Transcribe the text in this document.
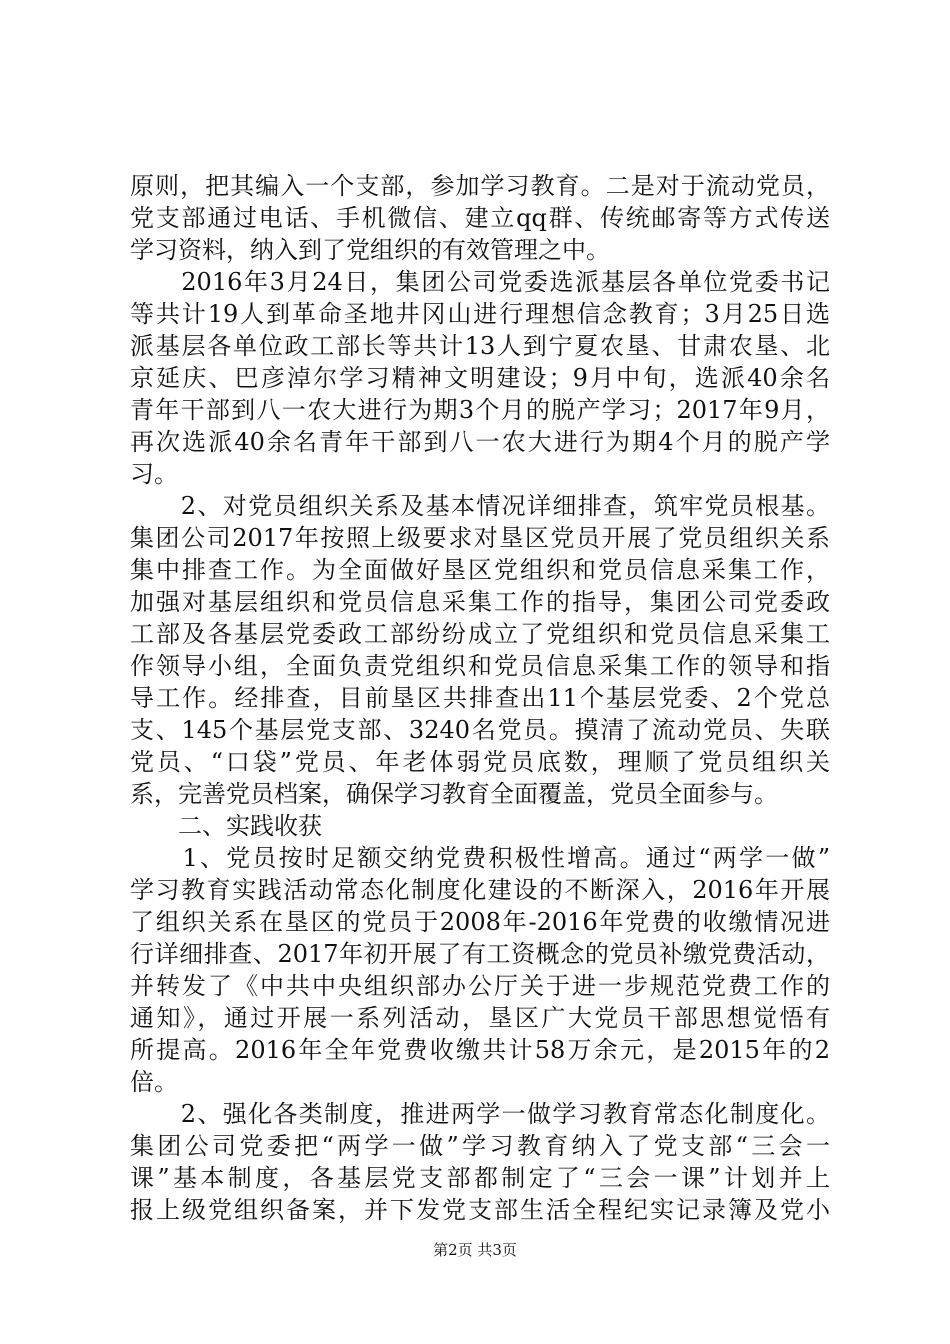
原则，把其编入一个支部，参加学习教育。二是对于流动党员，
党支部通过电话、手机微信、建立qq群、传统邮寄等方式传送
学习资料，纳入到了党组织的有效管理之中。
　　2016年3月24日，集团公司党委选派基层各单位党委书记
等共计19人到革命圣地井冈山进行理想信念教育；3月25日选
派基层各单位政工部长等共计13人到宁夏农垦、甘肃农垦、北
京延庆、巴彦淖尔学习精神文明建设；9月中旬，选派40余名
青年干部到八一农大进行为期3个月的脱产学习；2017年9月，
再次选派40余名青年干部到八一农大进行为期4个月的脱产学
习。
　　2、对党员组织关系及基本情况详细排查，筑牢党员根基。
集团公司2017年按照上级要求对垦区党员开展了党员组织关系
集中排查工作。为全面做好垦区党组织和党员信息采集工作，
加强对基层组织和党员信息采集工作的指导，集团公司党委政
工部及各基层党委政工部纷纷成立了党组织和党员信息采集工
作领导小组，全面负责党组织和党员信息采集工作的领导和指
导工作。经排查，目前垦区共排查出11个基层党委、2个党总
支、145个基层党支部、3240名党员。摸清了流动党员、失联
党员、“口袋”党员、年老体弱党员底数，理顺了党员组织关
系，完善党员档案，确保学习教育全面覆盖，党员全面参与。
　　二、实践收获
　　1、党员按时足额交纳党费积极性增高。通过“两学一做”
学习教育实践活动常态化制度化建设的不断深入，2016年开展
了组织关系在垦区的党员于2008年-2016年党费的收缴情况进
行详细排查、2017年初开展了有工资概念的党员补缴党费活动，
并转发了《中共中央组织部办公厅关于进一步规范党费工作的
通知》，通过开展一系列活动，垦区广大党员干部思想觉悟有
所提高。2016年全年党费收缴共计58万余元，是2015年的2
倍。
　　2、强化各类制度，推进两学一做学习教育常态化制度化。
集团公司党委把“两学一做”学习教育纳入了党支部“三会一
课”基本制度，各基层党支部都制定了“三会一课”计划并上
报上级党组织备案，并下发党支部生活全程纪实记录簿及党小
第2页 共3页
